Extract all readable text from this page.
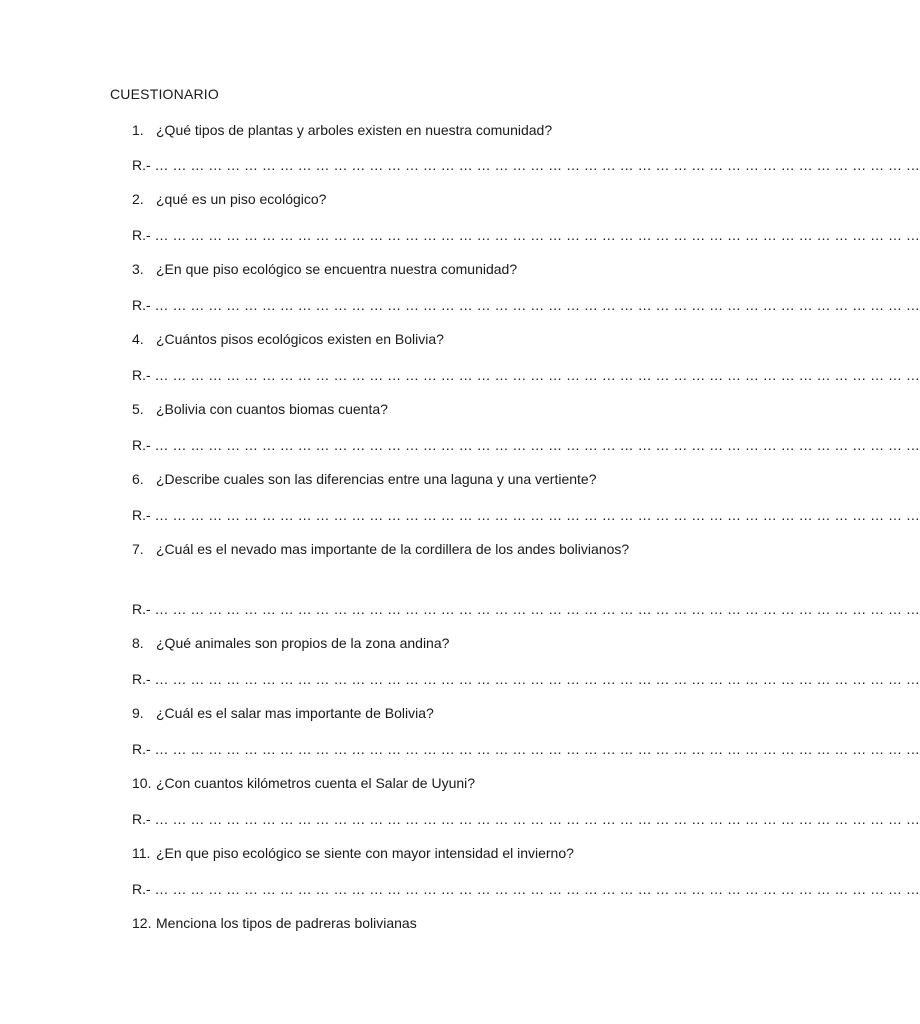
CUESTIONARIO
1. ¿Qué tipos de plantas y arboles existen en nuestra comunidad?
R.- … … … … … … … … … … … … … … … … … … … … … … … … … … … … … … … … … … … … … … … … … … …
2. ¿qué es un piso ecológico?
R.- … … … … … … … … … … … … … … … … … … … … … … … … … … … … … … … … … … … … … … … … … … …
3. ¿En que piso ecológico se encuentra nuestra comunidad?
R.- … … … … … … … … … … … … … … … … … … … … … … … … … … … … … … … … … … … … … … … … … … …
4. ¿Cuántos pisos ecológicos existen en Bolivia?
R.- … … … … … … … … … … … … … … … … … … … … … … … … … … … … … … … … … … … … … … … … … … …
5. ¿Bolivia con cuantos biomas cuenta?
R.- … … … … … … … … … … … … … … … … … … … … … … … … … … … … … … … … … … … … … … … … … … …
6. ¿Describe cuales son las diferencias entre una laguna y una vertiente?
R.- … … … … … … … … … … … … … … … … … … … … … … … … … … … … … … … … … … … … … … … … … … …
7. ¿Cuál es el nevado mas importante de la cordillera de los andes bolivianos?
R.- … … … … … … … … … … … … … … … … … … … … … … … … … … … … … … … … … … … … … … … … … … …
8. ¿Qué animales son propios de la zona andina?
R.- … … … … … … … … … … … … … … … … … … … … … … … … … … … … … … … … … … … … … … … … … … …
9. ¿Cuál es el salar mas importante de Bolivia?
R.- … … … … … … … … … … … … … … … … … … … … … … … … … … … … … … … … … … … … … … … … … … …
10. ¿Con cuantos kilómetros cuenta el Salar de Uyuni?
R.- … … … … … … … … … … … … … … … … … … … … … … … … … … … … … … … … … … … … … … … … … … …
11. ¿En que piso ecológico se siente con mayor intensidad el invierno?
R.- … … … … … … … … … … … … … … … … … … … … … … … … … … … … … … … … … … … … … … … … … … …
12. Menciona los tipos de padreras bolivianas
